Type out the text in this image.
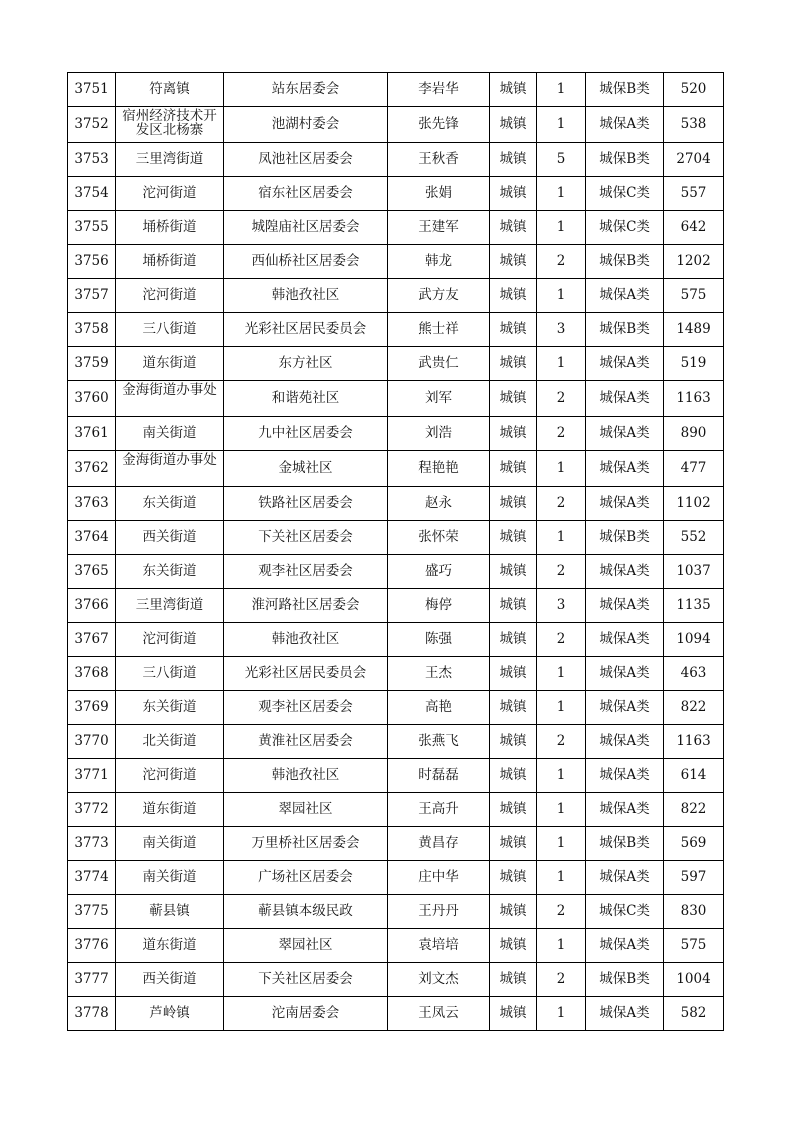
3751	符离镇	站东居委会	李岩华	城镇	1	城保B类	520
3752	宿州经济技术开发区北杨寨	池湖村委会	张先锋	城镇	1	城保A类	538
3753	三里湾街道	凤池社区居委会	王秋香	城镇	5	城保B类	2704
3754	沱河街道	宿东社区居委会	张娟	城镇	1	城保C类	557
3755	埇桥街道	城隍庙社区居委会	王建军	城镇	1	城保C类	642
3756	埇桥街道	西仙桥社区居委会	韩龙	城镇	2	城保B类	1202
3757	沱河街道	韩池孜社区	武方友	城镇	1	城保A类	575
3758	三八街道	光彩社区居民委员会	熊士祥	城镇	3	城保B类	1489
3759	道东街道	东方社区	武贵仁	城镇	1	城保A类	519
3760	金海街道办事处	和谐苑社区	刘军	城镇	2	城保A类	1163
3761	南关街道	九中社区居委会	刘浩	城镇	2	城保A类	890
3762	金海街道办事处	金城社区	程艳艳	城镇	1	城保A类	477
3763	东关街道	铁路社区居委会	赵永	城镇	2	城保A类	1102
3764	西关街道	下关社区居委会	张怀荣	城镇	1	城保B类	552
3765	东关街道	观李社区居委会	盛巧	城镇	2	城保A类	1037
3766	三里湾街道	淮河路社区居委会	梅停	城镇	3	城保A类	1135
3767	沱河街道	韩池孜社区	陈强	城镇	2	城保A类	1094
3768	三八街道	光彩社区居民委员会	王杰	城镇	1	城保A类	463
3769	东关街道	观李社区居委会	高艳	城镇	1	城保A类	822
3770	北关街道	黄淮社区居委会	张燕飞	城镇	2	城保A类	1163
3771	沱河街道	韩池孜社区	时磊磊	城镇	1	城保A类	614
3772	道东街道	翠园社区	王高升	城镇	1	城保A类	822
3773	南关街道	万里桥社区居委会	黄昌存	城镇	1	城保B类	569
3774	南关街道	广场社区居委会	庄中华	城镇	1	城保A类	597
3775	蕲县镇	蕲县镇本级民政	王丹丹	城镇	2	城保C类	830
3776	道东街道	翠园社区	袁培培	城镇	1	城保A类	575
3777	西关街道	下关社区居委会	刘文杰	城镇	2	城保B类	1004
3778	芦岭镇	沱南居委会	王凤云	城镇	1	城保A类	582
